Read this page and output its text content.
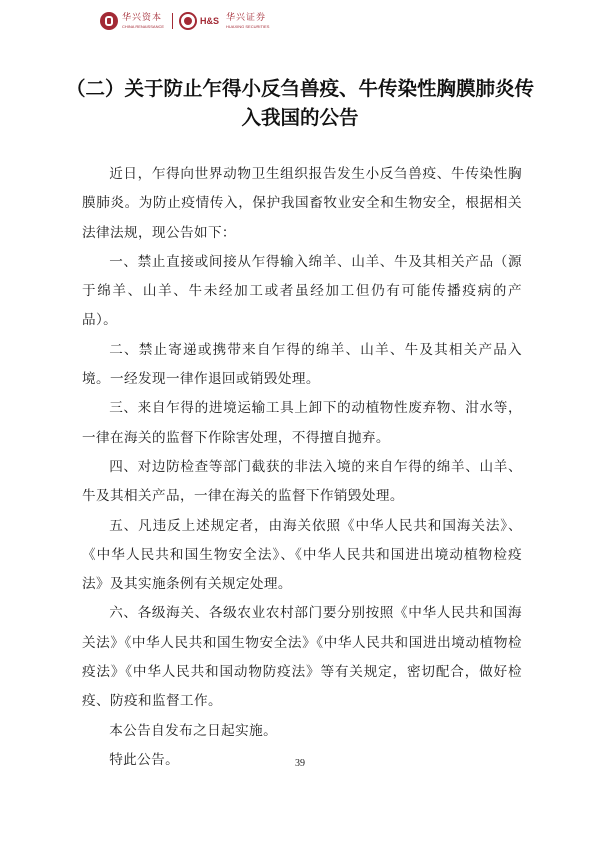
华兴资本
CHINA RENAISSANCE	H&S 华兴证券
HUAXING SECURITIES
（二）关于防止乍得小反刍兽疫、牛传染性胸膜肺炎传入我国的公告

近日，乍得向世界动物卫生组织报告发生小反刍兽疫、牛传染性胸膜肺炎。为防止疫情传入，保护我国畜牧业安全和生物安全，根据相关法律法规，现公告如下：

一、禁止直接或间接从乍得输入绵羊、山羊、牛及其相关产品（源于绵羊、山羊、牛未经加工或者虽经加工但仍有可能传播疫病的产品）。

二、禁止寄递或携带来自乍得的绵羊、山羊、牛及其相关产品入境。一经发现一律作退回或销毁处理。

三、来自乍得的进境运输工具上卸下的动植物性废弃物、泔水等，一律在海关的监督下作除害处理，不得擅自抛弃。

四、对边防检查等部门截获的非法入境的来自乍得的绵羊、山羊、牛及其相关产品，一律在海关的监督下作销毁处理。

五、凡违反上述规定者，由海关依照《中华人民共和国海关法》、《中华人民共和国生物安全法》、《中华人民共和国进出境动植物检疫法》及其实施条例有关规定处理。

六、各级海关、各级农业农村部门要分别按照《中华人民共和国海关法》《中华人民共和国生物安全法》《中华人民共和国进出境动植物检疫法》《中华人民共和国动物防疫法》等有关规定，密切配合，做好检疫、防疫和监督工作。

本公告自发布之日起实施。

特此公告。	39
